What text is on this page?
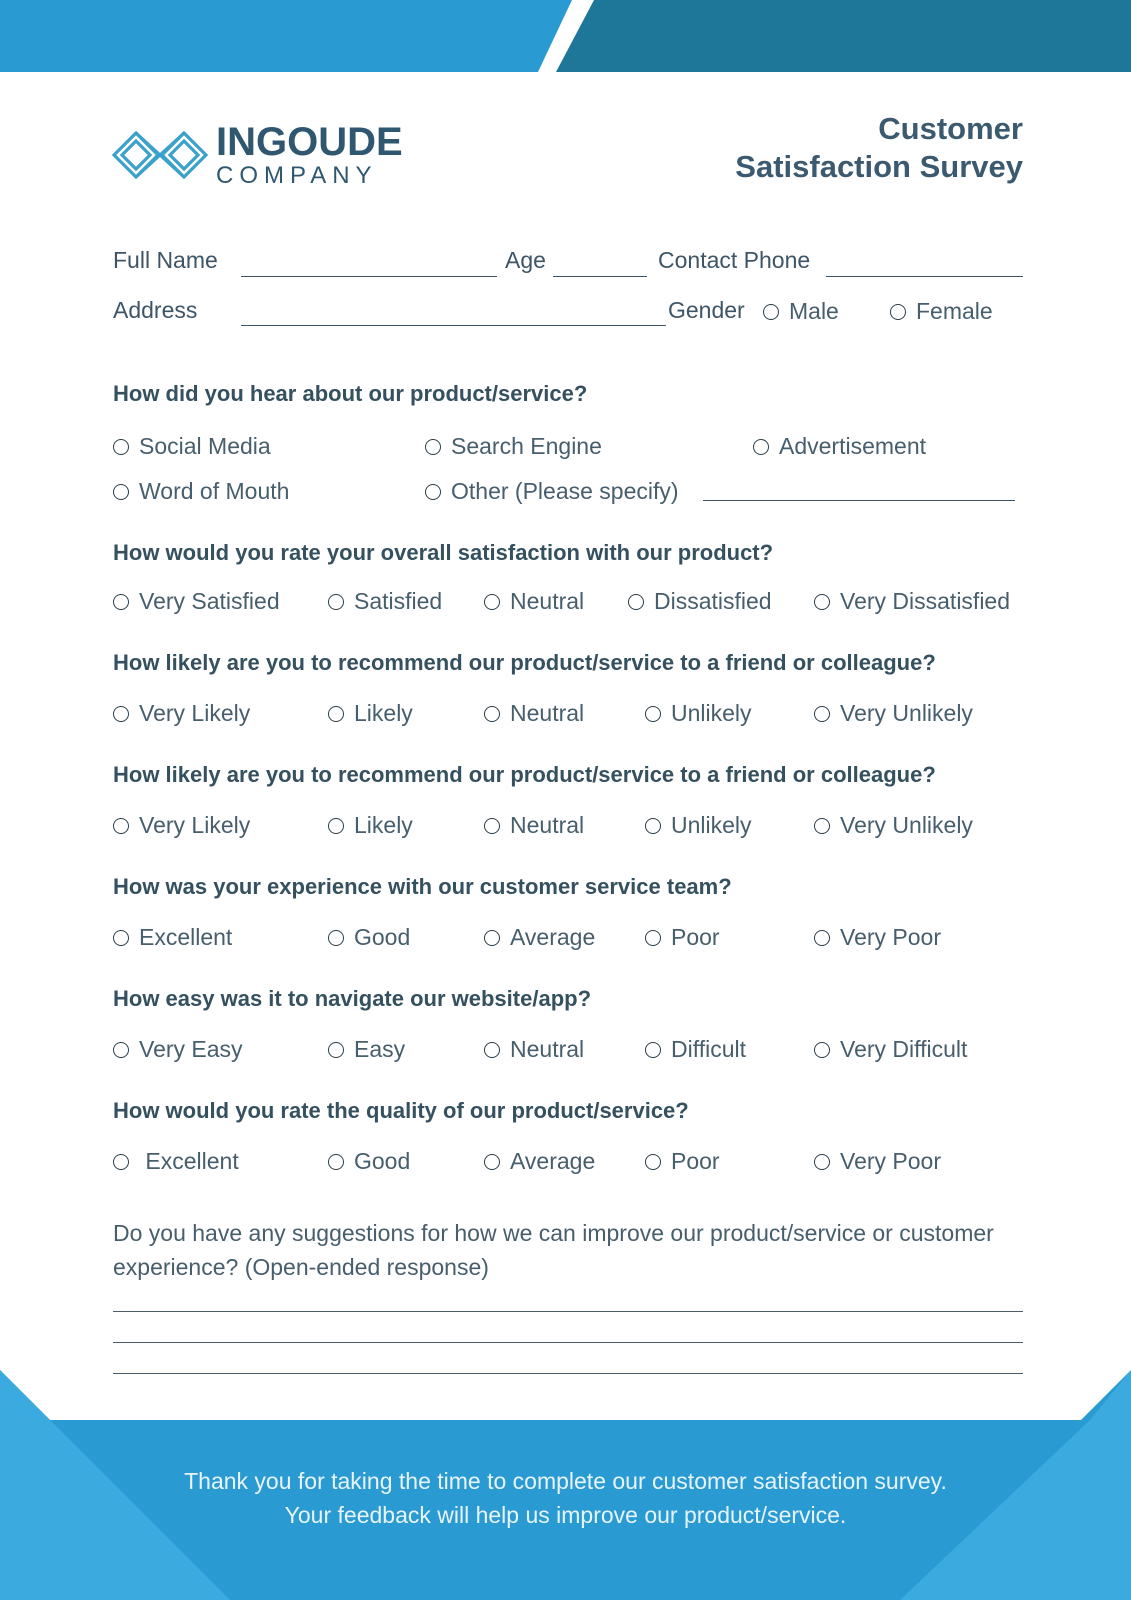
INGOUDE
COMPANY
Customer
Satisfaction Survey
Full Name	Age	Contact Phone
Address	Gender Male	Female
How did you hear about our product/service?
Social Media	Search Engine	Advertisement
Word of Mouth	Other (Please specify)
How would you rate your overall satisfaction with our product?
Very Satisfied	Satisfied	Neutral	Dissatisfied	Very Dissatisfied
How likely are you to recommend our product/service to a friend or colleague?
Very Likely	Likely	Neutral	Unlikely	Very Unlikely
How likely are you to recommend our product/service to a friend or colleague?
Very Likely	Likely	Neutral	Unlikely	Very Unlikely
How was your experience with our customer service team?
Excellent	Good	Average	Poor	Very Poor
How easy was it to navigate our website/app?
Very Easy	Easy	Neutral	Difficult	Very Difficult
How would you rate the quality of our product/service?
Excellent	Good	Average	Poor	Very Poor
Do you have any suggestions for how we can improve our product/service or customer experience? (Open-ended response)
Thank you for taking the time to complete our customer satisfaction survey.
Your feedback will help us improve our product/service.
